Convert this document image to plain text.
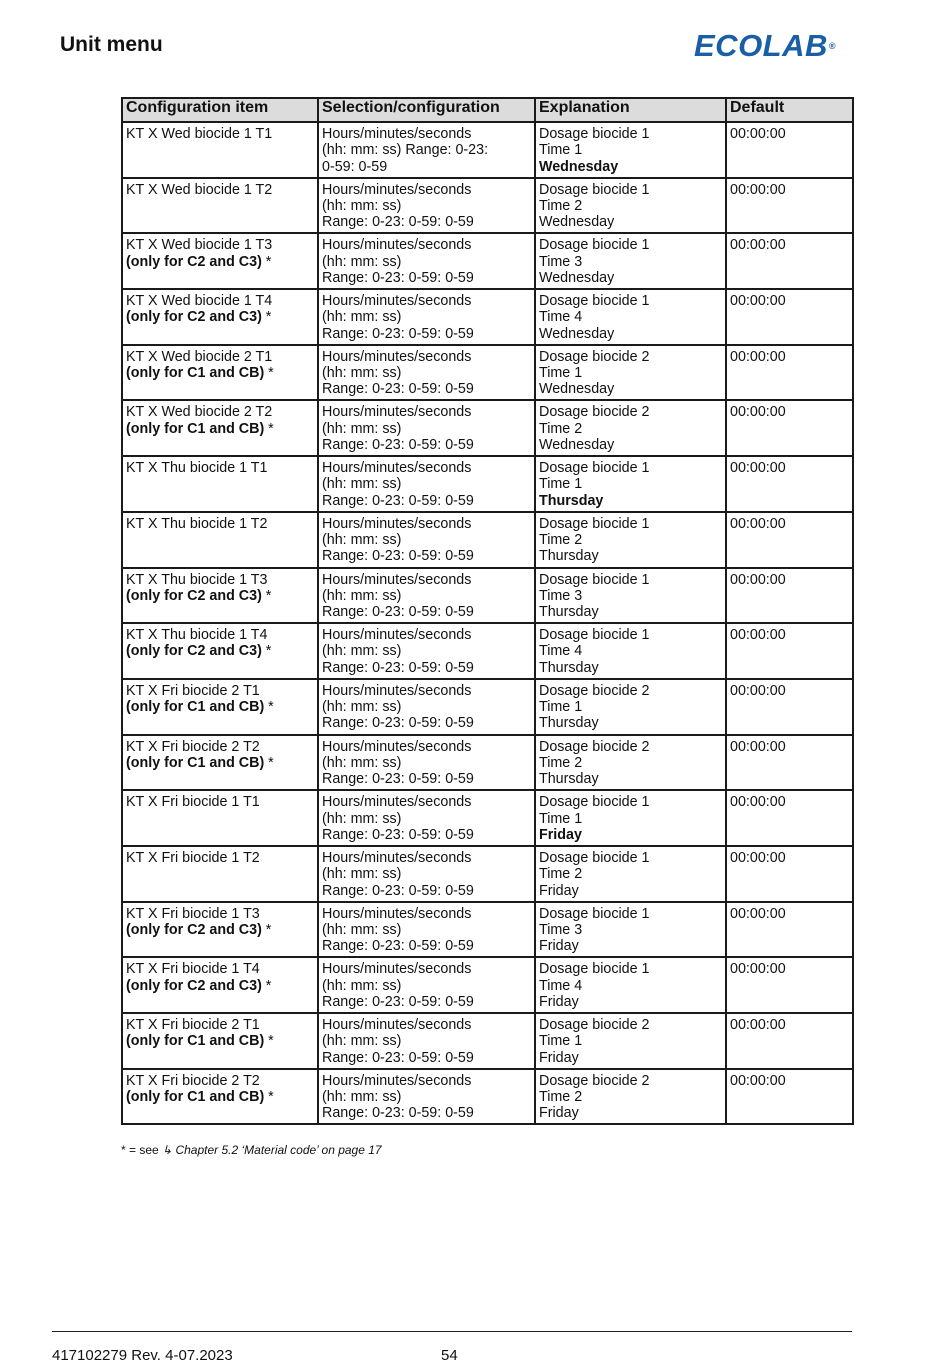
Unit menu	ECOLAB®
Configuration item	Selection/configuration	Explanation	Default

KT X Wed biocide 1 T1	Hours/minutes/seconds
(hh: mm: ss) Range: 0-23:
0-59: 0-59	Dosage biocide 1
Time 1
Wednesday	00:00:00

KT X Wed biocide 1 T2	Hours/minutes/seconds
(hh: mm: ss)
Range: 0-23: 0-59: 0-59	Dosage biocide 1
Time 2
Wednesday	00:00:00

KT X Wed biocide 1 T3
(only for C2 and C3) *	Hours/minutes/seconds
(hh: mm: ss)
Range: 0-23: 0-59: 0-59	Dosage biocide 1
Time 3
Wednesday	00:00:00

KT X Wed biocide 1 T4
(only for C2 and C3) *	Hours/minutes/seconds
(hh: mm: ss)
Range: 0-23: 0-59: 0-59	Dosage biocide 1
Time 4
Wednesday	00:00:00

KT X Wed biocide 2 T1
(only for C1 and CB) *	Hours/minutes/seconds
(hh: mm: ss)
Range: 0-23: 0-59: 0-59	Dosage biocide 2
Time 1
Wednesday	00:00:00

KT X Wed biocide 2 T2
(only for C1 and CB) *	Hours/minutes/seconds
(hh: mm: ss)
Range: 0-23: 0-59: 0-59	Dosage biocide 2
Time 2
Wednesday	00:00:00

KT X Thu biocide 1 T1	Hours/minutes/seconds
(hh: mm: ss)
Range: 0-23: 0-59: 0-59	Dosage biocide 1
Time 1
Thursday	00:00:00

KT X Thu biocide 1 T2	Hours/minutes/seconds
(hh: mm: ss)
Range: 0-23: 0-59: 0-59	Dosage biocide 1
Time 2
Thursday	00:00:00

KT X Thu biocide 1 T3
(only for C2 and C3) *	Hours/minutes/seconds
(hh: mm: ss)
Range: 0-23: 0-59: 0-59	Dosage biocide 1
Time 3
Thursday	00:00:00

KT X Thu biocide 1 T4
(only for C2 and C3) *	Hours/minutes/seconds
(hh: mm: ss)
Range: 0-23: 0-59: 0-59	Dosage biocide 1
Time 4
Thursday	00:00:00

KT X Fri biocide 2 T1
(only for C1 and CB) *	Hours/minutes/seconds
(hh: mm: ss)
Range: 0-23: 0-59: 0-59	Dosage biocide 2
Time 1
Thursday	00:00:00

KT X Fri biocide 2 T2
(only for C1 and CB) *	Hours/minutes/seconds
(hh: mm: ss)
Range: 0-23: 0-59: 0-59	Dosage biocide 2
Time 2
Thursday	00:00:00

KT X Fri biocide 1 T1	Hours/minutes/seconds
(hh: mm: ss)
Range: 0-23: 0-59: 0-59	Dosage biocide 1
Time 1
Friday	00:00:00

KT X Fri biocide 1 T2	Hours/minutes/seconds
(hh: mm: ss)
Range: 0-23: 0-59: 0-59	Dosage biocide 1
Time 2
Friday	00:00:00

KT X Fri biocide 1 T3
(only for C2 and C3) *	Hours/minutes/seconds
(hh: mm: ss)
Range: 0-23: 0-59: 0-59	Dosage biocide 1
Time 3
Friday	00:00:00

KT X Fri biocide 1 T4
(only for C2 and C3) *	Hours/minutes/seconds
(hh: mm: ss)
Range: 0-23: 0-59: 0-59	Dosage biocide 1
Time 4
Friday	00:00:00

KT X Fri biocide 2 T1
(only for C1 and CB) *	Hours/minutes/seconds
(hh: mm: ss)
Range: 0-23: 0-59: 0-59	Dosage biocide 2
Time 1
Friday	00:00:00

KT X Fri biocide 2 T2
(only for C1 and CB) *	Hours/minutes/seconds
(hh: mm: ss)
Range: 0-23: 0-59: 0-59	Dosage biocide 2
Time 2
Friday	00:00:00
* = see ↳ Chapter 5.2 ‘Material code’ on page 17
417102279 Rev. 4-07.2023	54
